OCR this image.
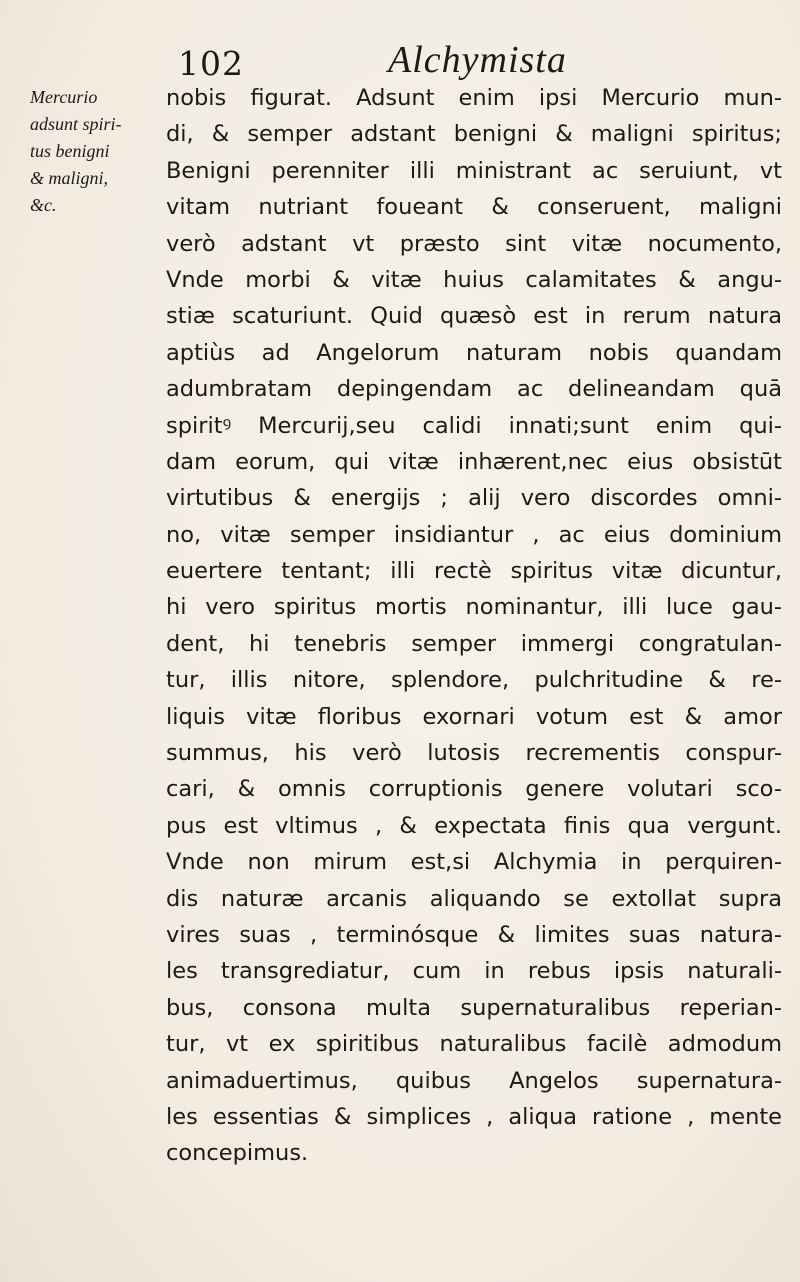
102	Alchymista
Mercurio
adsunt spiri-
tus benigni
& maligni,
&c.
nobis figurat. Adsunt enim ipsi Mercurio mun-
di, & semper adstant benigni & maligni spiritus;
Benigni perenniter illi ministrant ac seruiunt, vt
vitam nutriant foueant & conseruent, maligni
verò adstant vt præsto sint vitæ nocumento,
Vnde morbi & vitæ huius calamitates & angu-
stiæ scaturiunt. Quid quæsò est in rerum natura
aptiùs ad Angelorum naturam nobis quandam
adumbratam depingendam ac delineandam quā
spiritꝰ Mercurij,seu calidi innati;sunt enim qui-
dam eorum, qui vitæ inhærent,nec eius obsistūt
virtutibus & energijs ; alij vero discordes omni-
no, vitæ semper insidiantur , ac eius dominium
euertere tentant; illi rectè spiritus vitæ dicuntur,
hi vero spiritus mortis nominantur, illi luce gau-
dent, hi tenebris semper immergi congratulan-
tur, illis nitore, splendore, pulchritudine & re-
liquis vitæ floribus exornari votum est & amor
summus, his verò lutosis recrementis conspur-
cari, & omnis corruptionis genere volutari sco-
pus est vltimus , & expectata finis qua vergunt.
Vnde non mirum est,si Alchymia in perquiren-
dis naturæ arcanis aliquando se extollat supra
vires suas , terminósque & limites suas natura-
les transgrediatur, cum in rebus ipsis naturali-
bus, consona multa supernaturalibus reperian-
tur, vt ex spiritibus naturalibus facilè admodum
animaduertimus, quibus Angelos supernatura-
les essentias & simplices , aliqua ratione , mente
concepimus.
